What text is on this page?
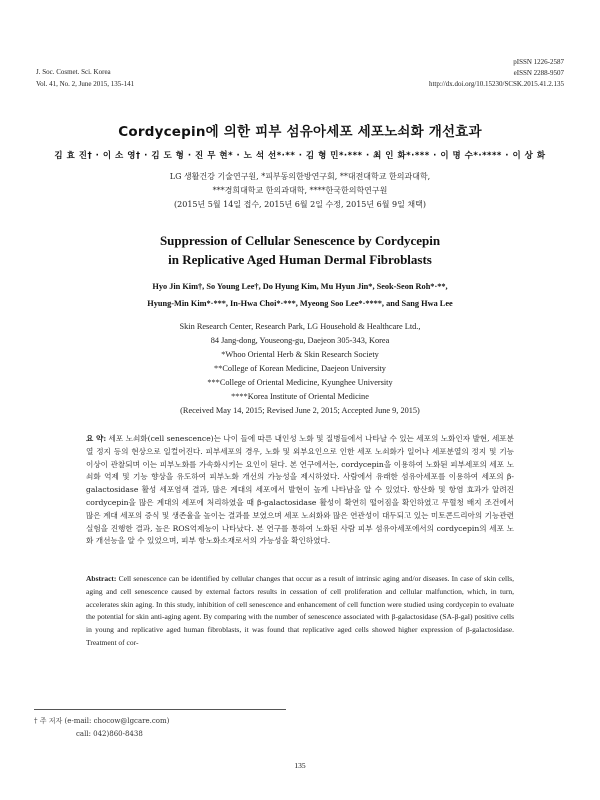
J. Soc. Cosmet. Sci. Korea
Vol. 41, No. 2, June 2015, 135-141
pISSN 1226-2587
eISSN 2288-9507
http://dx.doi.org/10.15230/SCSK.2015.41.2.135
Cordycepin에 의한 피부 섬유아세포 세포노쇠화 개선효과
김 효 진† · 이 소 영† · 김 도 형 · 진 무 현* · 노 석 선*·** · 김 형 민*·*** · 최 인 화*·*** · 이 명 수*·**** · 이 상 화
LG 생활건강 기술연구원, *피부동의한방연구회, **대전대학교 한의과대학,
***경희대학교 한의과대학, ****한국한의학연구원
(2015년 5월 14일 접수, 2015년 6월 2일 수정, 2015년 6월 9일 채택)
Suppression of Cellular Senescence by Cordycepin
in Replicative Aged Human Dermal Fibroblasts
Hyo Jin Kim†, So Young Lee†, Do Hyung Kim, Mu Hyun Jin*, Seok-Seon Roh*·**,
Hyung-Min Kim*·***, In-Hwa Choi*·***, Myeong Soo Lee*·****, and Sang Hwa Lee
Skin Research Center, Research Park, LG Household & Healthcare Ltd.,
84 Jang-dong, Youseong-gu, Daejeon 305-343, Korea
*Whoo Oriental Herb & Skin Research Society
**College of Korean Medicine, Daejeon University
***College of Oriental Medicine, Kyunghee University
****Korea Institute of Oriental Medicine
(Received May 14, 2015; Revised June 2, 2015; Accepted June 9, 2015)
요 약: 세포 노쇠화(cell senescence)는 나이 들에 따른 내인성 노화 및 질병들에서 나타날 수 있는 세포의 노화인자 발현, 세포분열 정지 등의 현상으로 일컬어진다. 피부세포의 경우, 노화 및 외부요인으로 인한 세포 노쇠화가 일어나 세포분열의 정지 및 기능 이상이 관찰되며 이는 피부노화를 가속화시키는 요인이 된다. 본 연구에서는, cordycepin을 이용하여 노화된 피부세포의 세포 노쇠화 억제 및 기능 향상을 유도하여 피부노화 개선의 가능성을 제시하였다. 사람에서 유래한 섬유아세포를 이용하여 세포의 β-galactosidase 활성 세포염색 결과, 많은 계대의 세포에서 발현이 높게 나타남을 알 수 있었다. 항산화 및 항염 효과가 알려진 cordycepin을 많은 계대의 세포에 처리하였을 때 β-galactosidase 활성이 확연히 떨어짐을 확인하였고 무혈청 배지 조건에서 많은 계대 세포의 증식 및 생존율을 높이는 결과를 보였으며 세포 노쇠화와 많은 연관성이 대두되고 있는 미토콘드리아의 기능관련 실험을 진행한 결과, 높은 ROS억제능이 나타났다. 본 연구를 통하여 노화된 사람 피부 섬유아세포에서의 cordycepin의 세포 노화 개선능을 알 수 있었으며, 피부 항노화소재로서의 가능성을 확인하였다.
Abstract: Cell senescence can be identified by cellular changes that occur as a result of intrinsic aging and/or diseases. In case of skin cells, aging and cell senescence caused by external factors results in cessation of cell proliferation and cellular malfunction, which, in turn, accelerates skin aging. In this study, inhibition of cell senescence and enhancement of cell function were studied using cordycepin to evaluate the potential for skin anti-aging agent. By comparing with the number of senescence associated with β-galactosidase (SA-β-gal) positive cells in young and replicative aged human fibroblasts, it was found that replicative aged cells showed higher expression of β-galactosidase. Treatment of cor-
† 주 저자 (e-mail: chocow@lgcare.com)
call: 042)860-8438
135
